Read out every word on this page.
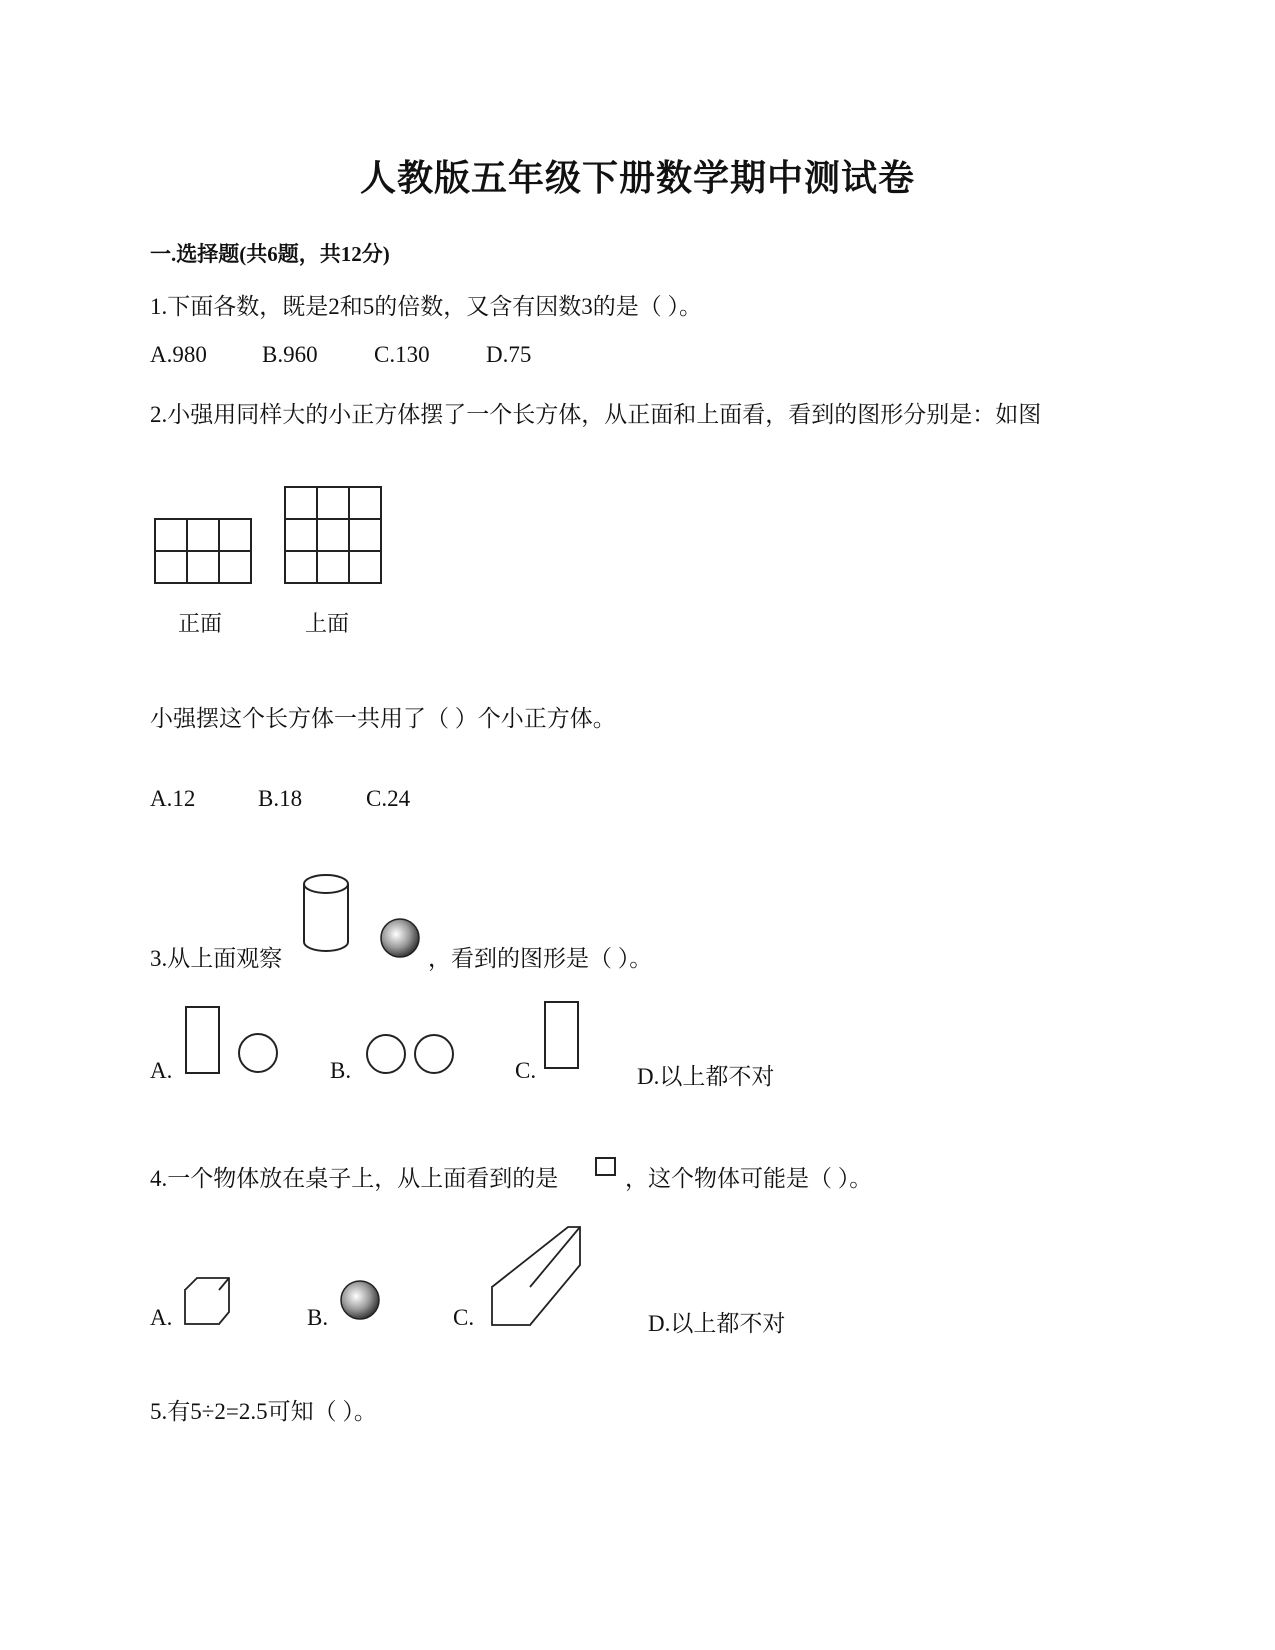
人教版五年级下册数学期中测试卷
一.选择题(共6题，共12分)
1.下面各数，既是2和5的倍数，又含有因数3的是（ ）。
A.980 B.960 C.130 D.75
2.小强用同样大的小正方体摆了一个长方体，从正面和上面看，看到的图形分别是：如图
正面	上面
小强摆这个长方体一共用了（ ）个小正方体。
A.12	B.18	C.24
3.从上面观察	，看到的图形是（ ）。
A.	B.	C.	D.以上都不对
4.一个物体放在桌子上，从上面看到的是	，这个物体可能是（ ）。
A.	B.	C.	D.以上都不对
5.有5÷2=2.5可知（ ）。
